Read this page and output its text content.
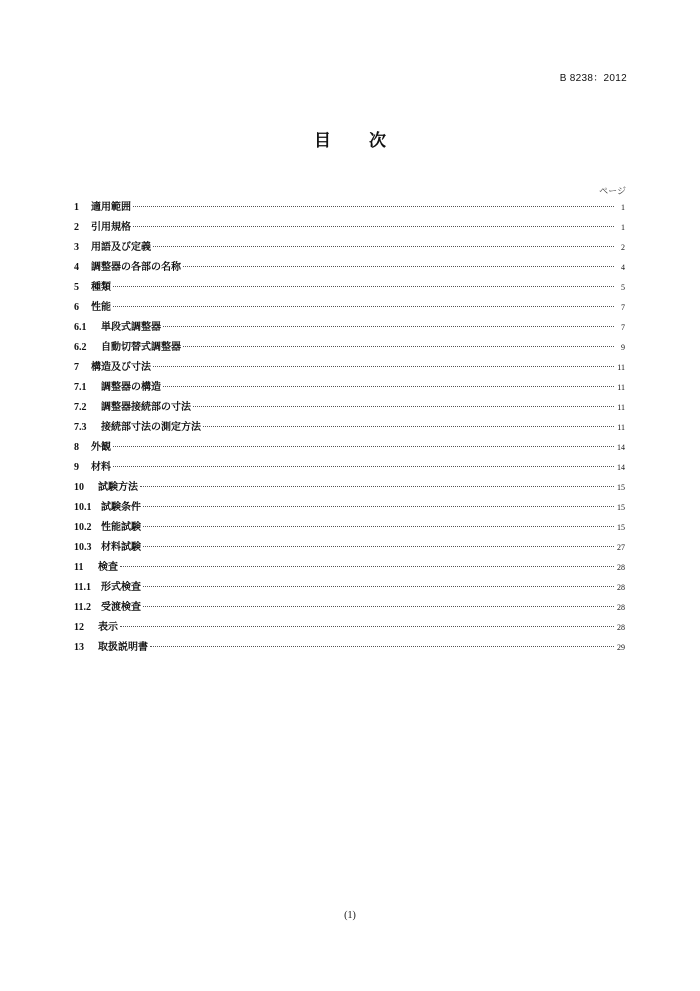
B 8238：2012
目 次
ページ
1	適用範囲	1
2	引用規格	1
3	用語及び定義	2
4	調整器の各部の名称	4
5	種類	5
6	性能	7
6.1	単段式調整器	7
6.2	自動切替式調整器	9
7	構造及び寸法	11
7.1	調整器の構造	11
7.2	調整器接続部の寸法	11
7.3	接続部寸法の測定方法	11
8	外観	14
9	材料	14
10	試験方法	15
10.1 試験条件	15
10.2 性能試験	15
10.3 材料試験	27
11	検査	28
11.1	形式検査	28
11.2	受渡検査	28
12	表示	28
13	取扱説明書	29
(1)
